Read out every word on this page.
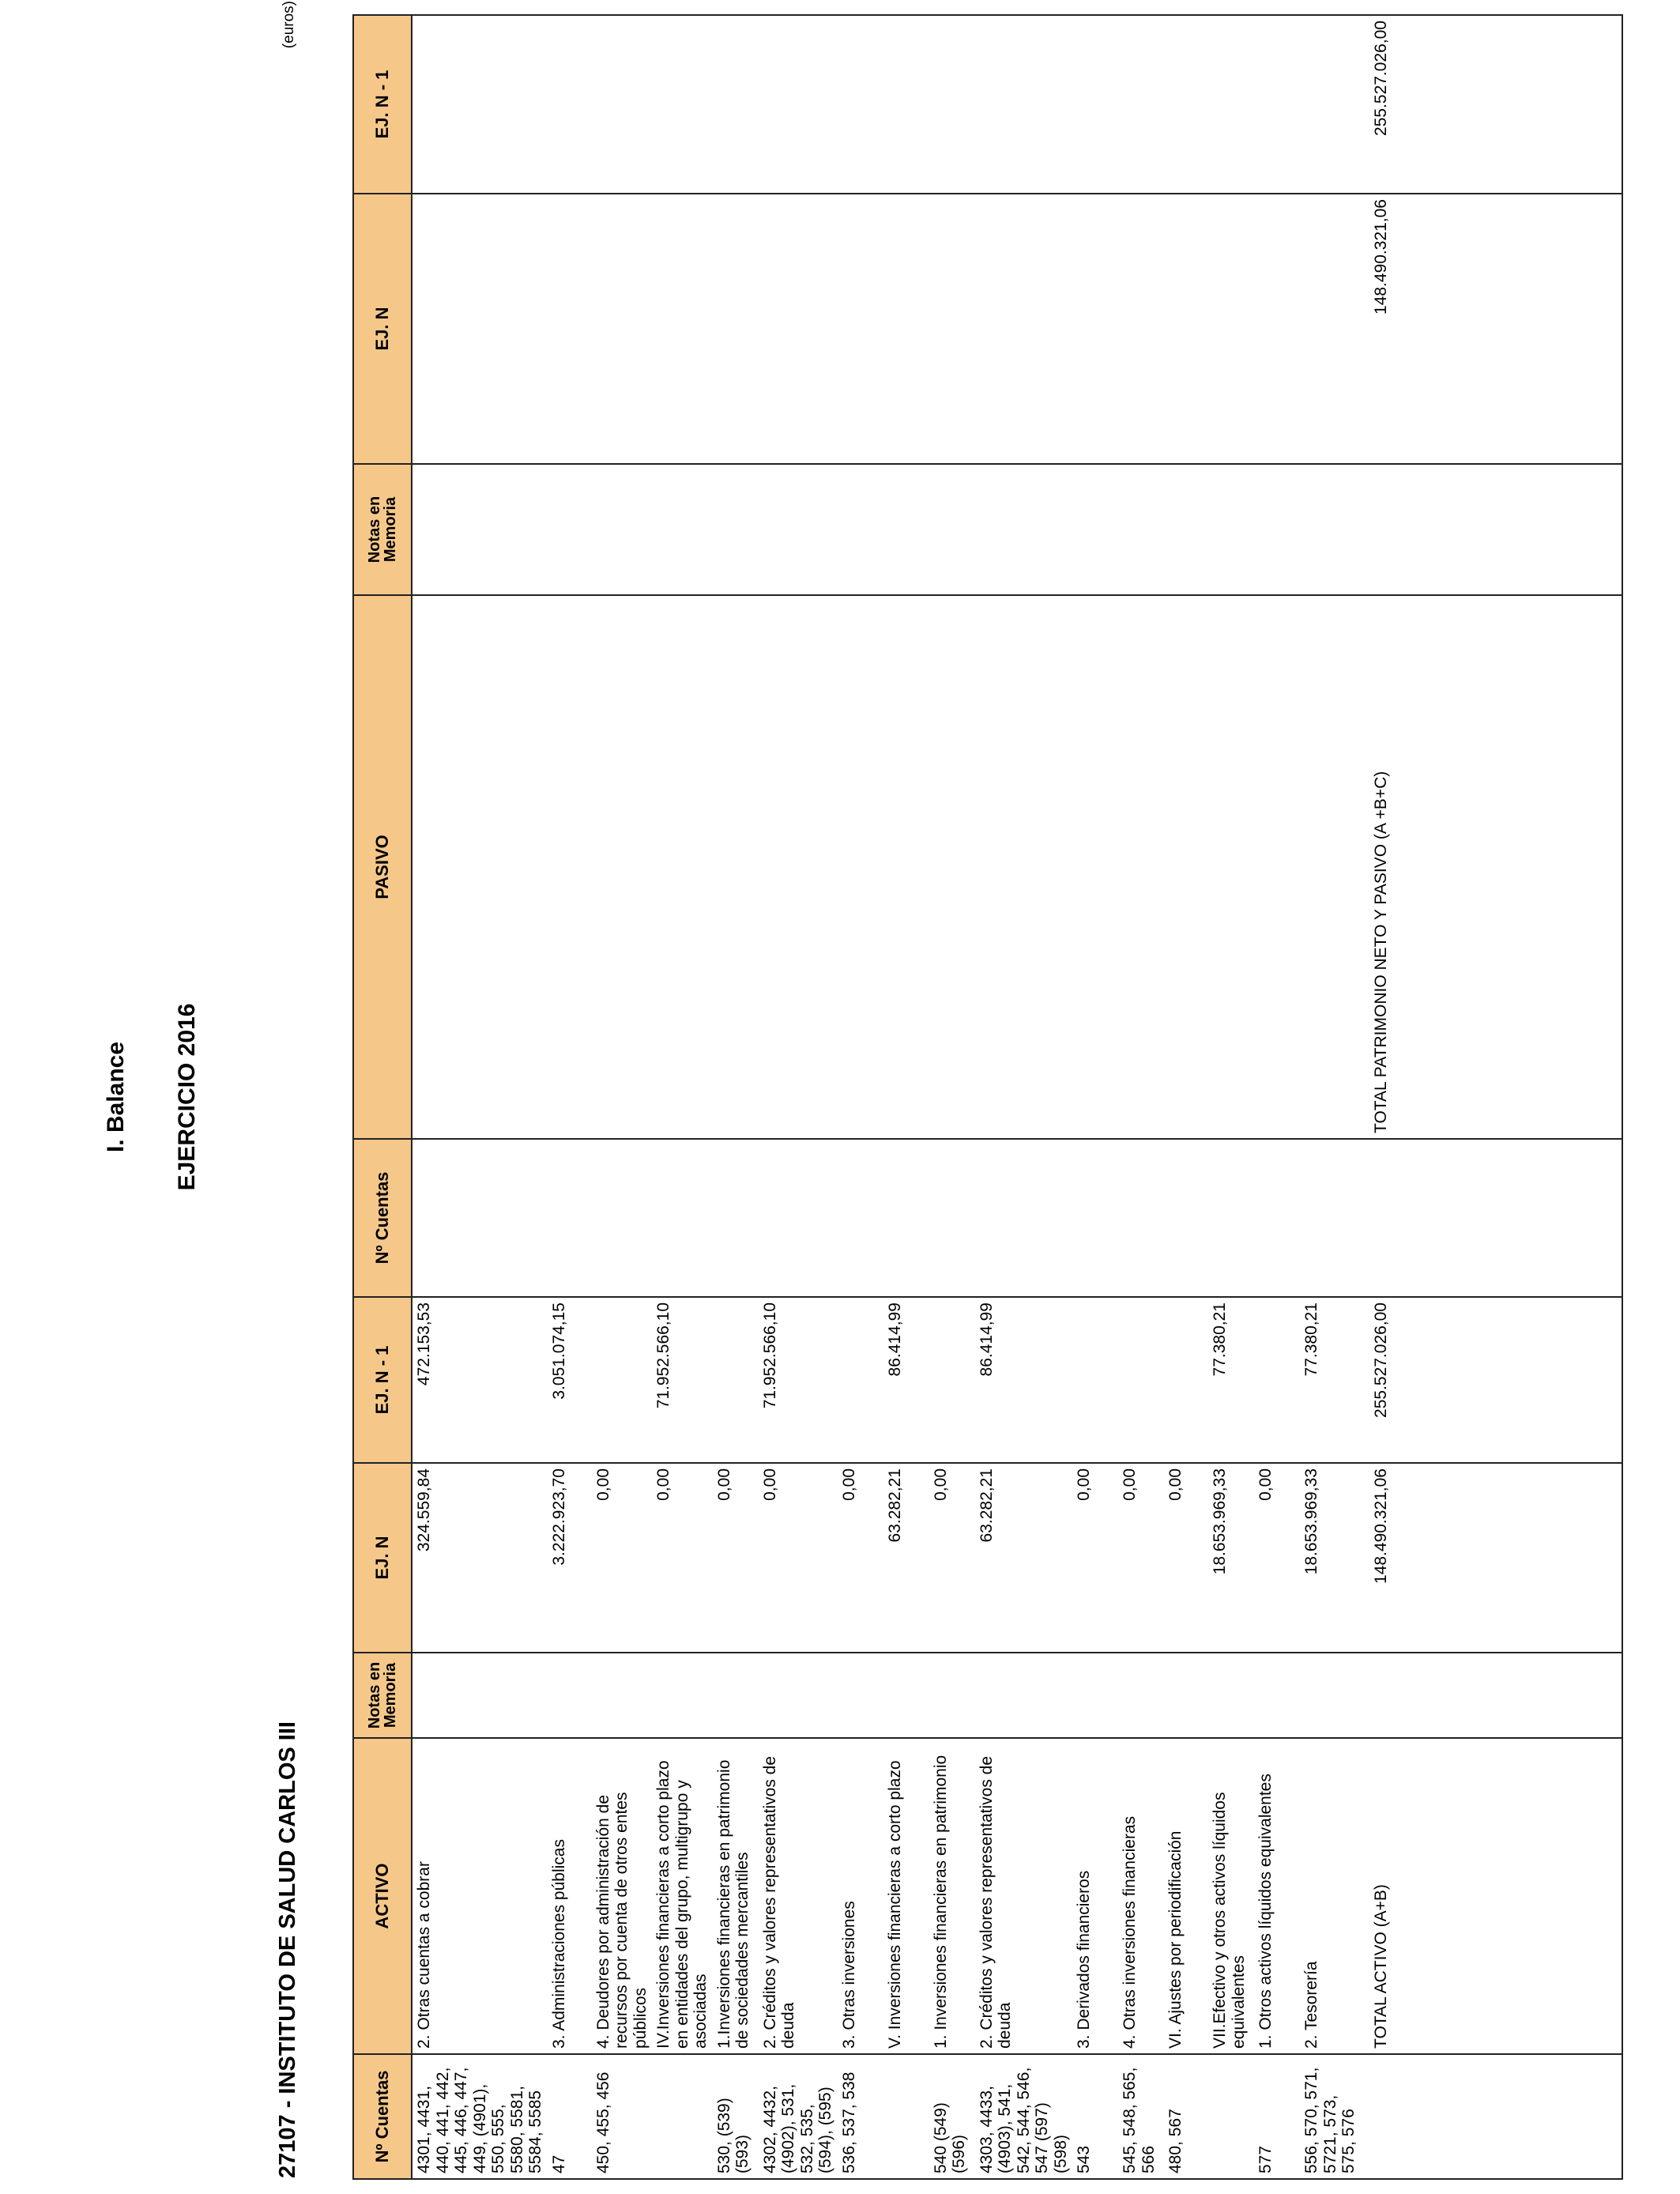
I. Balance EJERCICIO 2016
27107 - INSTITUTO DE SALUD CARLOS III
(euros)
Nº Cuentas	ACTIVO	Notas en Memoria	EJ. N	EJ. N - 1	Nº Cuentas	PASIVO	Notas en Memoria	EJ. N	EJ. N - 1
4301, 4431, 440, 441, 442, 445, 446, 447, 449, (4901), 550, 555, 5580, 5581, 5584, 5585	2. Otras cuentas a cobrar		324.559,84	472.153,53					
47	3. Administraciones públicas		3.222.923,70	3.051.074,15					
450, 455, 456	4. Deudores por administración de recursos por cuenta de otros entes públicos		0,00						
	IV.Inversiones financieras a corto plazo en entidades del grupo, multigrupo y asociadas		0,00	71.952.566,10					
530, (539) (593)	1.Inversiones financieras en patrimonio de sociedades mercantiles		0,00						
4302, 4432, (4902), 531, 532, 535, (594), (595)	2. Créditos y valores representativos de deuda		0,00	71.952.566,10					
536, 537, 538	3. Otras inversiones		0,00						
	V. Inversiones financieras a corto plazo		63.282,21	86.414,99					
540 (549) (596)	1. Inversiones financieras en patrimonio		0,00						
4303, 4433, (4903), 541, 542, 544, 546, 547 (597) (598)	2. Créditos y valores representativos de deuda		63.282,21	86.414,99					
543	3. Derivados financieros		0,00						
545, 548, 565, 566	4. Otras inversiones financieras		0,00						
480, 567	VI. Ajustes por periodificación		0,00						
	VII.Efectivo y otros activos líquidos equivalentes		18.653.969,33	77.380,21					
577	1. Otros activos líquidos equivalentes		0,00						
556, 570, 571, 5721, 573, 575, 576	2. Tesorería		18.653.969,33	77.380,21					
	TOTAL ACTIVO (A+B)		148.490.321,06	255.527.026,00		TOTAL PATRIMONIO NETO Y PASIVO (A +B+C)		148.490.321,06	255.527.026,00
